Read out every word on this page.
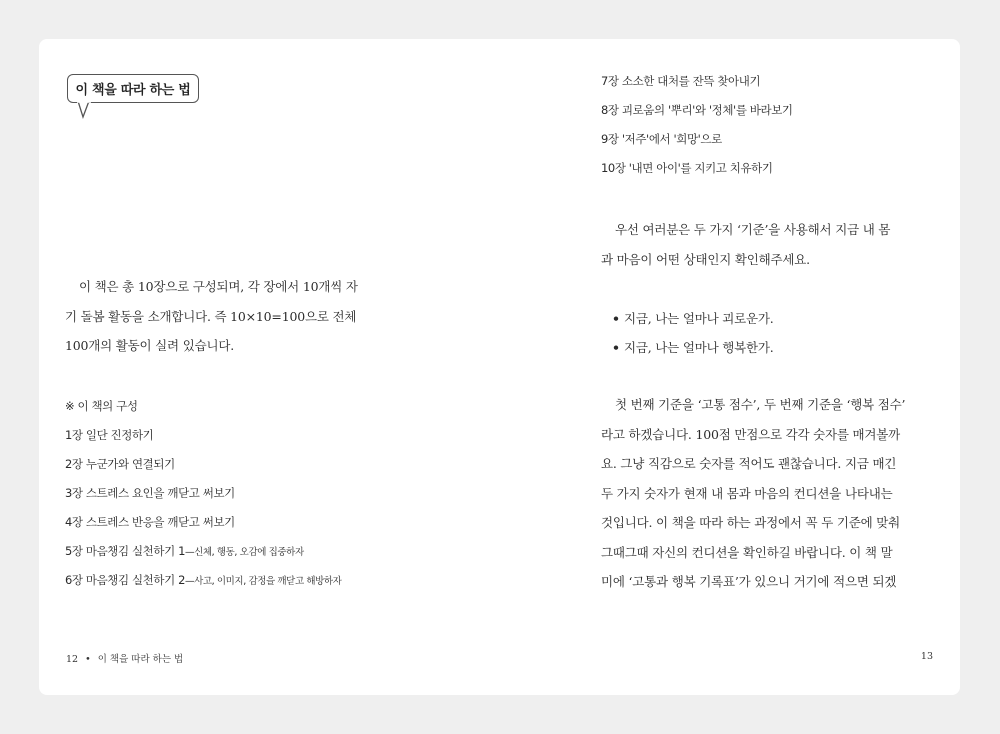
이 책을 따라 하는 법

이 책은 총 10장으로 구성되며, 각 장에서 10개씩 자
기 돌봄 활동을 소개합니다. 즉 10×10=100으로 전체
100개의 활동이 실려 있습니다.

※ 이 책의 구성
1장 일단 진정하기
2장 누군가와 연결되기
3장 스트레스 요인을 깨닫고 써보기
4장 스트레스 반응을 깨닫고 써보기
5장 마음챙김 실천하기 1—신체, 행동, 오감에 집중하자
6장 마음챙김 실천하기 2—사고, 이미지, 감정을 깨닫고 해방하자
12 • 이 책을 따라 하는 법
7장 소소한 대처를 잔뜩 찾아내기
8장 괴로움의 '뿌리'와 '정체'를 바라보기
9장 '저주'에서 '희망'으로
10장 '내면 아이'를 지키고 치유하기

우선 여러분은 두 가지 ‘기준’을 사용해서 지금 내 몸
과 마음이 어떤 상태인지 확인해주세요.

• 지금, 나는 얼마나 괴로운가.
• 지금, 나는 얼마나 행복한가.

첫 번째 기준을 ‘고통 점수’, 두 번째 기준을 ‘행복 점수’
라고 하겠습니다. 100점 만점으로 각각 숫자를 매겨볼까
요. 그냥 직감으로 숫자를 적어도 괜찮습니다. 지금 매긴
두 가지 숫자가 현재 내 몸과 마음의 컨디션을 나타내는
것입니다. 이 책을 따라 하는 과정에서 꼭 두 기준에 맞춰
그때그때 자신의 컨디션을 확인하길 바랍니다. 이 책 말
미에 ‘고통과 행복 기록표’가 있으니 거기에 적으면 되겠

13
